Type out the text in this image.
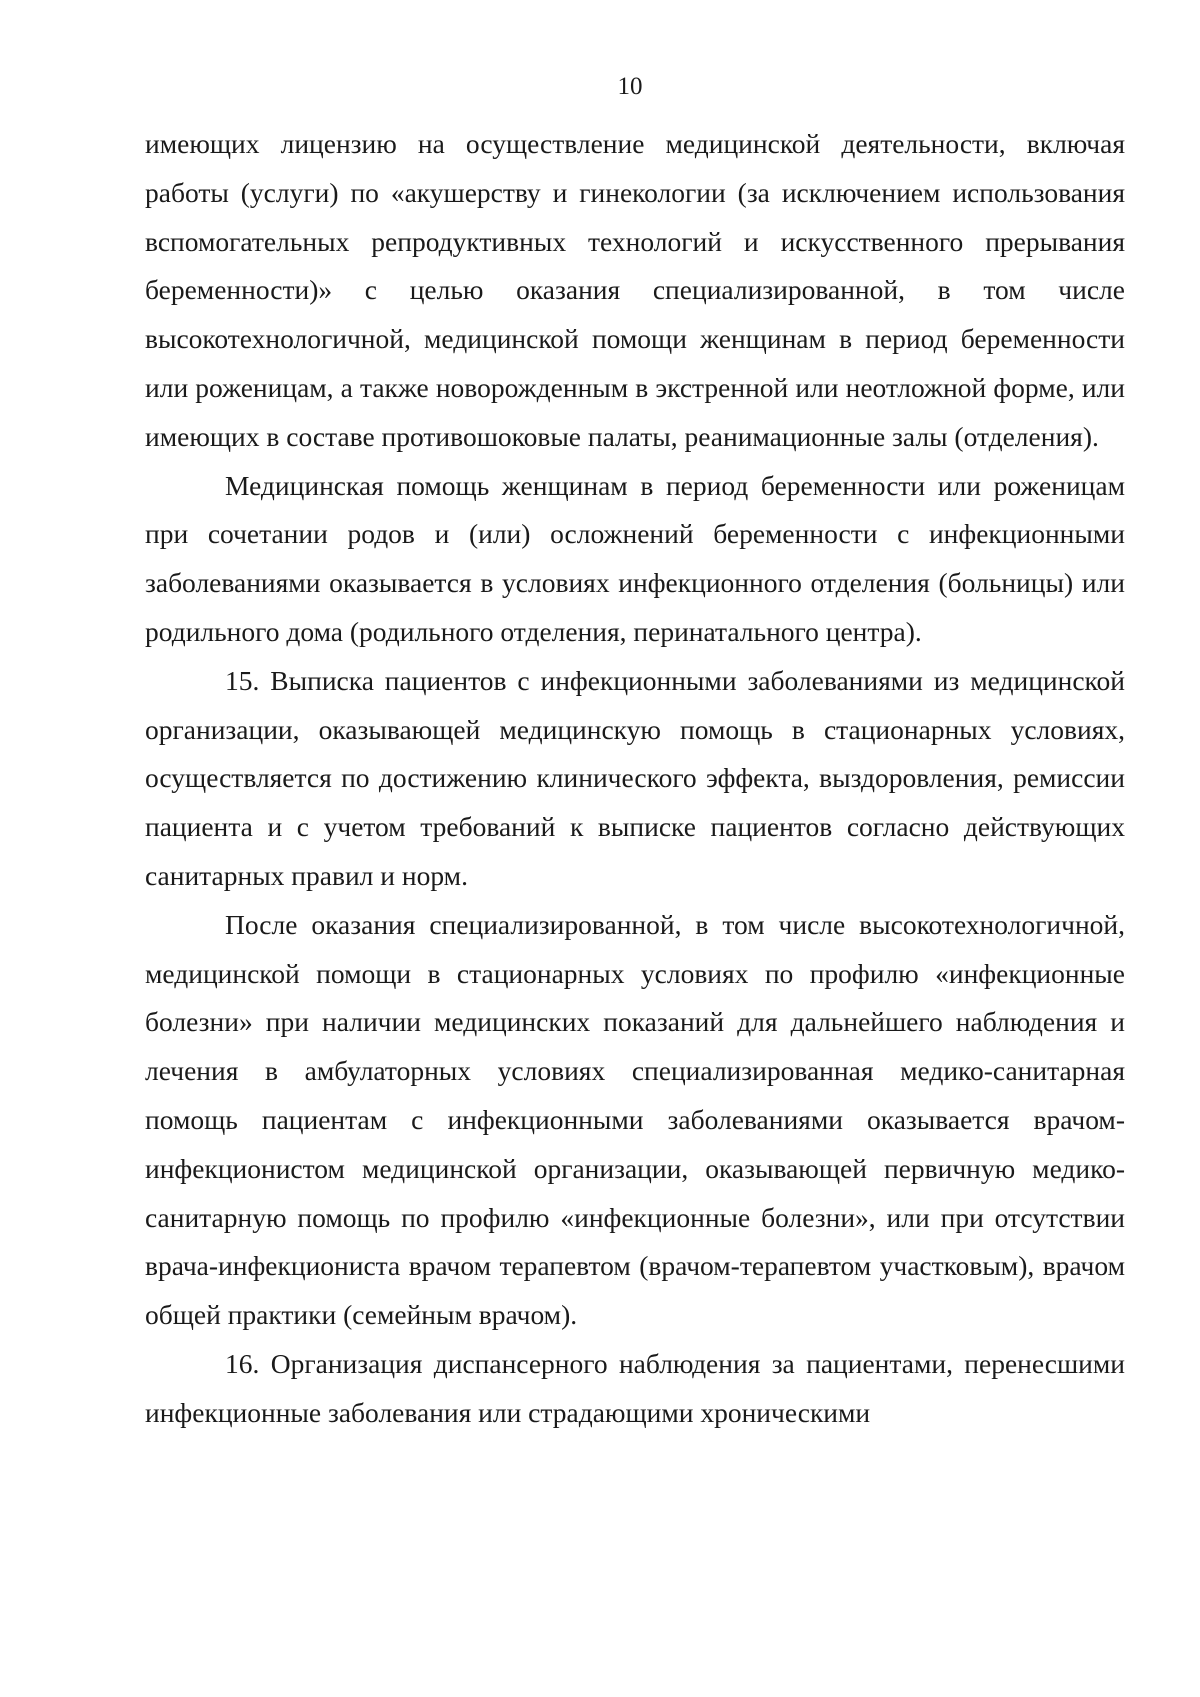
10

имеющих лицензию на осуществление медицинской деятельности, включая работы (услуги) по «акушерству и гинекологии (за исключением использования вспомогательных репродуктивных технологий и искусственного прерывания беременности)» с целью оказания специализированной, в том числе высокотехнологичной, медицинской помощи женщинам в период беременности или роженицам, а также новорожденным в экстренной или неотложной форме, или имеющих в составе противошоковые палаты, реанимационные залы (отделения).

Медицинская помощь женщинам в период беременности или роженицам при сочетании родов и (или) осложнений беременности с инфекционными заболеваниями оказывается в условиях инфекционного отделения (больницы) или родильного дома (родильного отделения, перинатального центра).

15. Выписка пациентов с инфекционными заболеваниями из медицинской организации, оказывающей медицинскую помощь в стационарных условиях, осуществляется по достижению клинического эффекта, выздоровления, ремиссии пациента и с учетом требований к выписке пациентов согласно действующих санитарных правил и норм.

После оказания специализированной, в том числе высокотехнологичной, медицинской помощи в стационарных условиях по профилю «инфекционные болезни» при наличии медицинских показаний для дальнейшего наблюдения и лечения в амбулаторных условиях специализированная медико-санитарная помощь пациентам с инфекционными заболеваниями оказывается врачом-инфекционистом медицинской организации, оказывающей первичную медико-санитарную помощь по профилю «инфекционные болезни», или при отсутствии врача-инфекциониста врачом терапевтом (врачом-терапевтом участковым), врачом общей практики (семейным врачом).

16. Организация диспансерного наблюдения за пациентами, перенесшими инфекционные заболевания или страдающими хроническими
